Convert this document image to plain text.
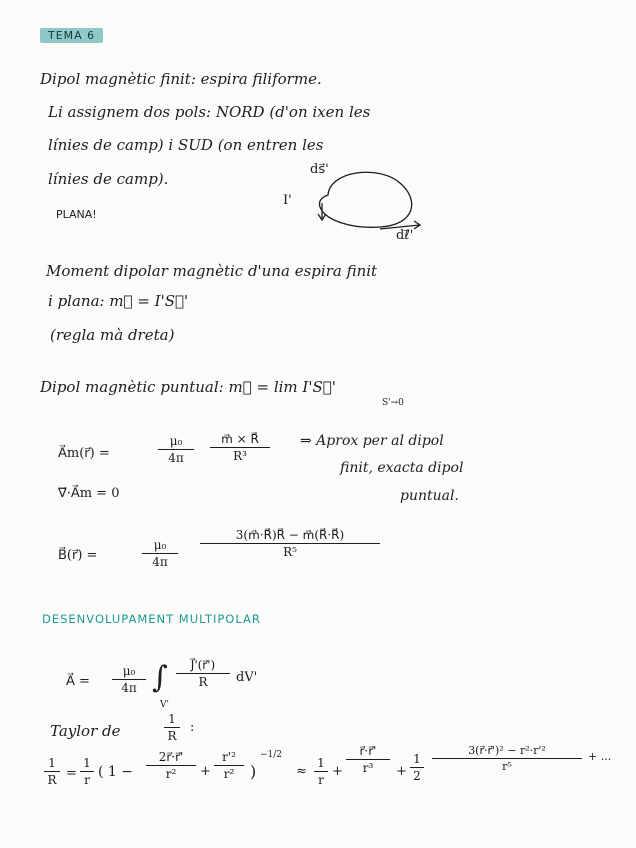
TEMA 6
Dipol magnètic finit: espira filiforme.
Li assignem dos pols: NORD (d'on ixen les
línies de camp) i SUD (on entren les
línies de camp).
PLANA!
ds⃗'
I'
dℓ⃗'
Moment dipolar magnètic d'una espira finit
i plana: m⃗ = I'S⃗'
(regla mà dreta)
Dipol magnètic puntual: m⃗ = lim I'S⃗'
S'→0
A⃗m(r⃗) =
μ₀
4π
m⃗ × R⃗
R³
⇒ Aprox per al dipol
finit, exacta dipol
puntual.
∇⃗·A⃗m = 0
B⃗(r⃗) =
μ₀
4π
3(m⃗·R⃗)R⃗ − m⃗(R⃗·R⃗)
R⁵
DESENVOLUPAMENT MULTIPOLAR
A⃗ =
μ₀
4π ∫
V'
J⃗'(r⃗')
R	dV'
Taylor de
1
R
:
1
R =
1
r ( 1 −
2r⃗·r⃗'
r²	+
r'²
r² )
−1/2
≈
1
r
+
r⃗·r⃗'
r³	+
1
2
3(r⃗·r⃗')² − r²·r'²
r⁵
+ ...
